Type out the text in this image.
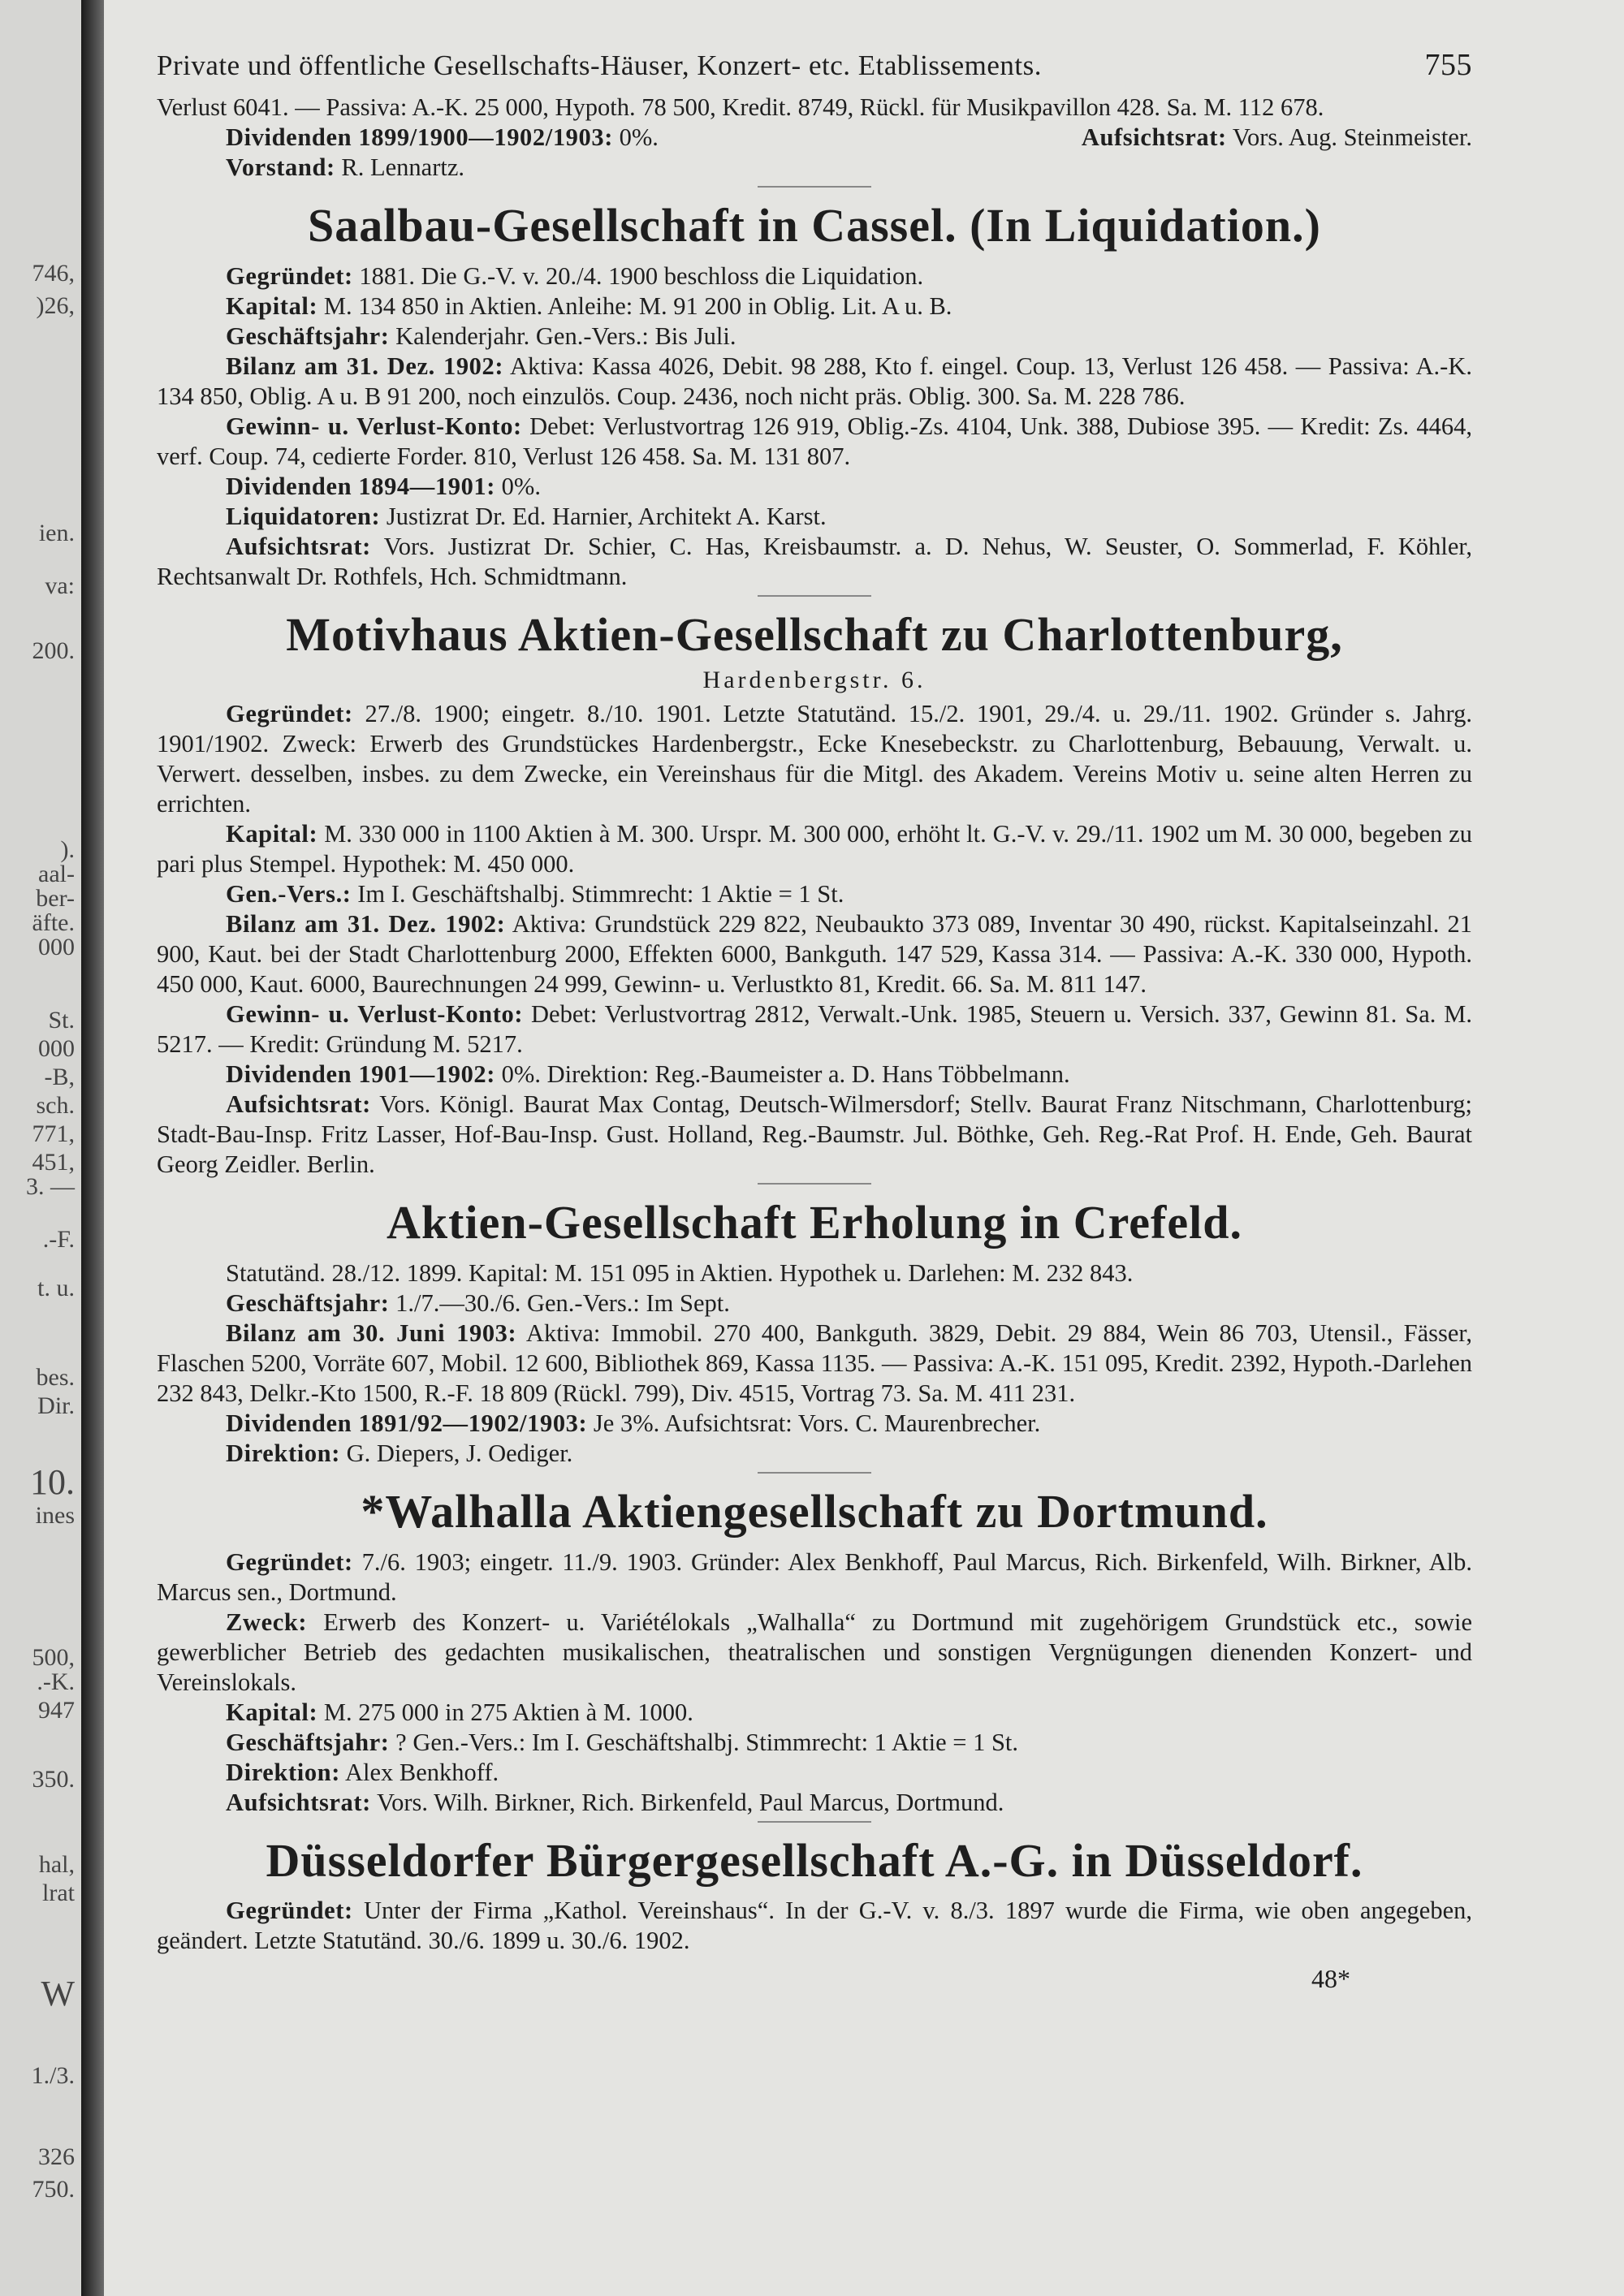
746,
)26,
ien.
va:
200.
).
aal-
ber-
äfte.
000
St.
000
-B,
sch.
771,
451,
3. —
.-F.
t. u.
bes.
Dir.
10.
ines
500,
.-K.
947
350.
hal,
lrat
W
1./3.
326
750.
Private und öffentliche Gesellschafts-Häuser, Konzert- etc. Etablissements.	755

Verlust 6041. — Passiva: A.-K. 25 000, Hypoth. 78 500, Kredit. 8749, Rückl. für Musikpavillon 428. Sa. M. 112 678.

Dividenden 1899/1900—1902/1903: 0%.	Aufsichtsrat: Vors. Aug. Steinmeister.

Vorstand: R. Lennartz.

Saalbau-Gesellschaft in Cassel. (In Liquidation.)

Gegründet: 1881. Die G.-V. v. 20./4. 1900 beschloss die Liquidation.

Kapital: M. 134 850 in Aktien. Anleihe: M. 91 200 in Oblig. Lit. A u. B.

Geschäftsjahr: Kalenderjahr. Gen.-Vers.: Bis Juli.

Bilanz am 31. Dez. 1902: Aktiva: Kassa 4026, Debit. 98 288, Kto f. eingel. Coup. 13, Verlust 126 458. — Passiva: A.-K. 134 850, Oblig. A u. B 91 200, noch einzulös. Coup. 2436, noch nicht präs. Oblig. 300. Sa. M. 228 786.

Gewinn- u. Verlust-Konto: Debet: Verlustvortrag 126 919, Oblig.-Zs. 4104, Unk. 388, Dubiose 395. — Kredit: Zs. 4464, verf. Coup. 74, cedierte Forder. 810, Verlust 126 458. Sa. M. 131 807.

Dividenden 1894—1901: 0%.

Liquidatoren: Justizrat Dr. Ed. Harnier, Architekt A. Karst.

Aufsichtsrat: Vors. Justizrat Dr. Schier, C. Has, Kreisbaumstr. a. D. Nehus, W. Seuster, O. Sommerlad, F. Köhler, Rechtsanwalt Dr. Rothfels, Hch. Schmidtmann.

Motivhaus Aktien-Gesellschaft zu Charlottenburg,
Hardenbergstr. 6.

Gegründet: 27./8. 1900; eingetr. 8./10. 1901. Letzte Statutänd. 15./2. 1901, 29./4. u. 29./11. 1902. Gründer s. Jahrg. 1901/1902. Zweck: Erwerb des Grundstückes Hardenbergstr., Ecke Knesebeckstr. zu Charlottenburg, Bebauung, Verwalt. u. Verwert. desselben, insbes. zu dem Zwecke, ein Vereinshaus für die Mitgl. des Akadem. Vereins Motiv u. seine alten Herren zu errichten.

Kapital: M. 330 000 in 1100 Aktien à M. 300. Urspr. M. 300 000, erhöht lt. G.-V. v. 29./11. 1902 um M. 30 000, begeben zu pari plus Stempel. Hypothek: M. 450 000.

Gen.-Vers.: Im I. Geschäftshalbj. Stimmrecht: 1 Aktie = 1 St.

Bilanz am 31. Dez. 1902: Aktiva: Grundstück 229 822, Neubaukto 373 089, Inventar 30 490, rückst. Kapitalseinzahl. 21 900, Kaut. bei der Stadt Charlottenburg 2000, Effekten 6000, Bankguth. 147 529, Kassa 314. — Passiva: A.-K. 330 000, Hypoth. 450 000, Kaut. 6000, Baurechnungen 24 999, Gewinn- u. Verlustkto 81, Kredit. 66. Sa. M. 811 147.

Gewinn- u. Verlust-Konto: Debet: Verlustvortrag 2812, Verwalt.-Unk. 1985, Steuern u. Versich. 337, Gewinn 81. Sa. M. 5217. — Kredit: Gründung M. 5217.

Dividenden 1901—1902: 0%. Direktion: Reg.-Baumeister a. D. Hans Többelmann.

Aufsichtsrat: Vors. Königl. Baurat Max Contag, Deutsch-Wilmersdorf; Stellv. Baurat Franz Nitschmann, Charlottenburg; Stadt-Bau-Insp. Fritz Lasser, Hof-Bau-Insp. Gust. Holland, Reg.-Baumstr. Jul. Böthke, Geh. Reg.-Rat Prof. H. Ende, Geh. Baurat Georg Zeidler. Berlin.

Aktien-Gesellschaft Erholung in Crefeld.

Statutänd. 28./12. 1899. Kapital: M. 151 095 in Aktien. Hypothek u. Darlehen: M. 232 843.

Geschäftsjahr: 1./7.—30./6. Gen.-Vers.: Im Sept.

Bilanz am 30. Juni 1903: Aktiva: Immobil. 270 400, Bankguth. 3829, Debit. 29 884, Wein 86 703, Utensil., Fässer, Flaschen 5200, Vorräte 607, Mobil. 12 600, Bibliothek 869, Kassa 1135. — Passiva: A.-K. 151 095, Kredit. 2392, Hypoth.-Darlehen 232 843, Delkr.-Kto 1500, R.-F. 18 809 (Rückl. 799), Div. 4515, Vortrag 73. Sa. M. 411 231.

Dividenden 1891/92—1902/1903: Je 3%. Aufsichtsrat: Vors. C. Maurenbrecher.

Direktion: G. Diepers, J. Oediger.

*Walhalla Aktiengesellschaft zu Dortmund.

Gegründet: 7./6. 1903; eingetr. 11./9. 1903. Gründer: Alex Benkhoff, Paul Marcus, Rich. Birkenfeld, Wilh. Birkner, Alb. Marcus sen., Dortmund.

Zweck: Erwerb des Konzert- u. Variétélokals „Walhalla“ zu Dortmund mit zugehörigem Grundstück etc., sowie gewerblicher Betrieb des gedachten musikalischen, theatralischen und sonstigen Vergnügungen dienenden Konzert- und Vereinslokals.

Kapital: M. 275 000 in 275 Aktien à M. 1000.

Geschäftsjahr: ? Gen.-Vers.: Im I. Geschäftshalbj. Stimmrecht: 1 Aktie = 1 St.

Direktion: Alex Benkhoff.

Aufsichtsrat: Vors. Wilh. Birkner, Rich. Birkenfeld, Paul Marcus, Dortmund.

Düsseldorfer Bürgergesellschaft A.-G. in Düsseldorf.

Gegründet: Unter der Firma „Kathol. Vereinshaus“. In der G.-V. v. 8./3. 1897 wurde die Firma, wie oben angegeben, geändert. Letzte Statutänd. 30./6. 1899 u. 30./6. 1902.

48*
